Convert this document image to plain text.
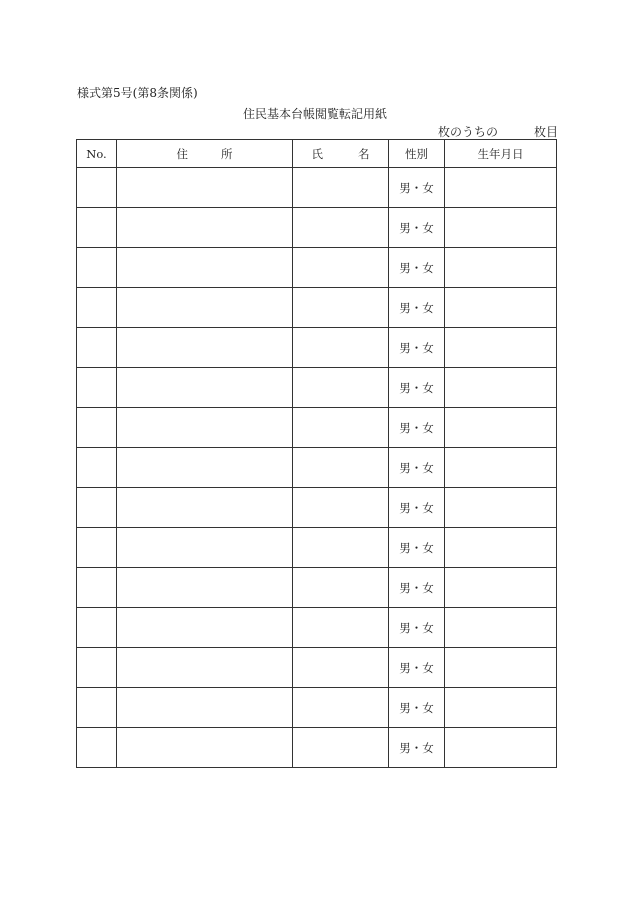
様式第5号(第8条関係)
住民基本台帳閲覧転記用紙
枚のうちの	枚目
No.	住 所	氏 名	性別	生年月日
			男・女	
			男・女	
			男・女	
			男・女	
			男・女	
			男・女	
			男・女	
			男・女	
			男・女	
			男・女	
			男・女	
			男・女	
			男・女	
			男・女	
			男・女	
